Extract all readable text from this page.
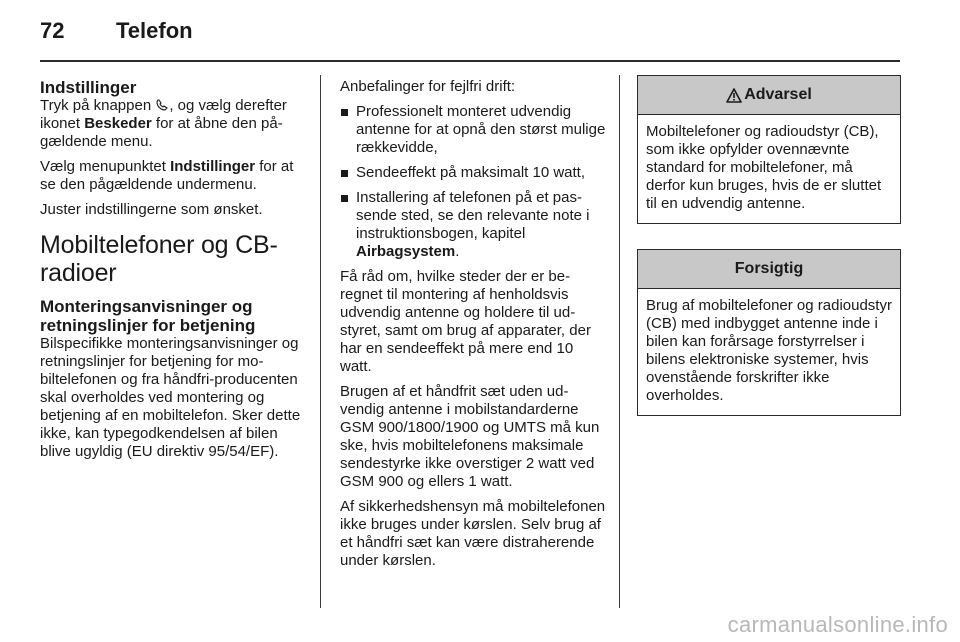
72	Telefon
Indstillinger

Tryk på knappen , og vælg derefter ikonet Beskeder for at åbne den pågældende menu.

Vælg menupunktet Indstillinger for at se den pågældende undermenu.

Juster indstillingerne som ønsket.

Mobiltelefoner og CB-radioer
Monteringsanvisninger og retningslinjer for betjening

Bilspecifikke monteringsanvisninger og retningslinjer for betjening for mobiltelefonen og fra håndfri-producenten skal overholdes ved montering og betjening af en mobiltelefon. Sker dette ikke, kan typegodkendelsen af bilen blive ugyldig (EU direktiv 95/54/EF).

Anbefalinger for fejlfri drift:

Professionelt monteret udvendig antenne for at opnå den størst mulige rækkevidde,
Sendeeffekt på maksimalt 10 watt,
Installering af telefonen på et passende sted, se den relevante note i instruktionsbogen, kapitel Airbagsystem.

Få råd om, hvilke steder der er beregnet til montering af henholdsvis udvendig antenne og holdere til udstyret, samt om brug af apparater, der har en sendeeffekt på mere end 10 watt.

Brugen af et håndfrit sæt uden udvendig antenne i mobilstandarderne GSM 900/1800/1900 og UMTS må kun ske, hvis mobiltelefonens maksimale sendestyrke ikke overstiger 2 watt ved GSM 900 og ellers 1 watt.

Af sikkerhedshensyn må mobiltelefonen ikke bruges under kørslen. Selv brug af et håndfri sæt kan være distraherende under kørslen.

Advarsel
Mobiltelefoner og radioudstyr (CB), som ikke opfylder ovennævnte standard for mobiltelefoner, må derfor kun bruges, hvis de er sluttet til en udvendig antenne.
Forsigtig
Brug af mobiltelefoner og radioudstyr (CB) med indbygget antenne inde i bilen kan forårsage forstyrrelser i bilens elektroniske systemer, hvis ovenstående forskrifter ikke overholdes.
carmanualsonline.info
